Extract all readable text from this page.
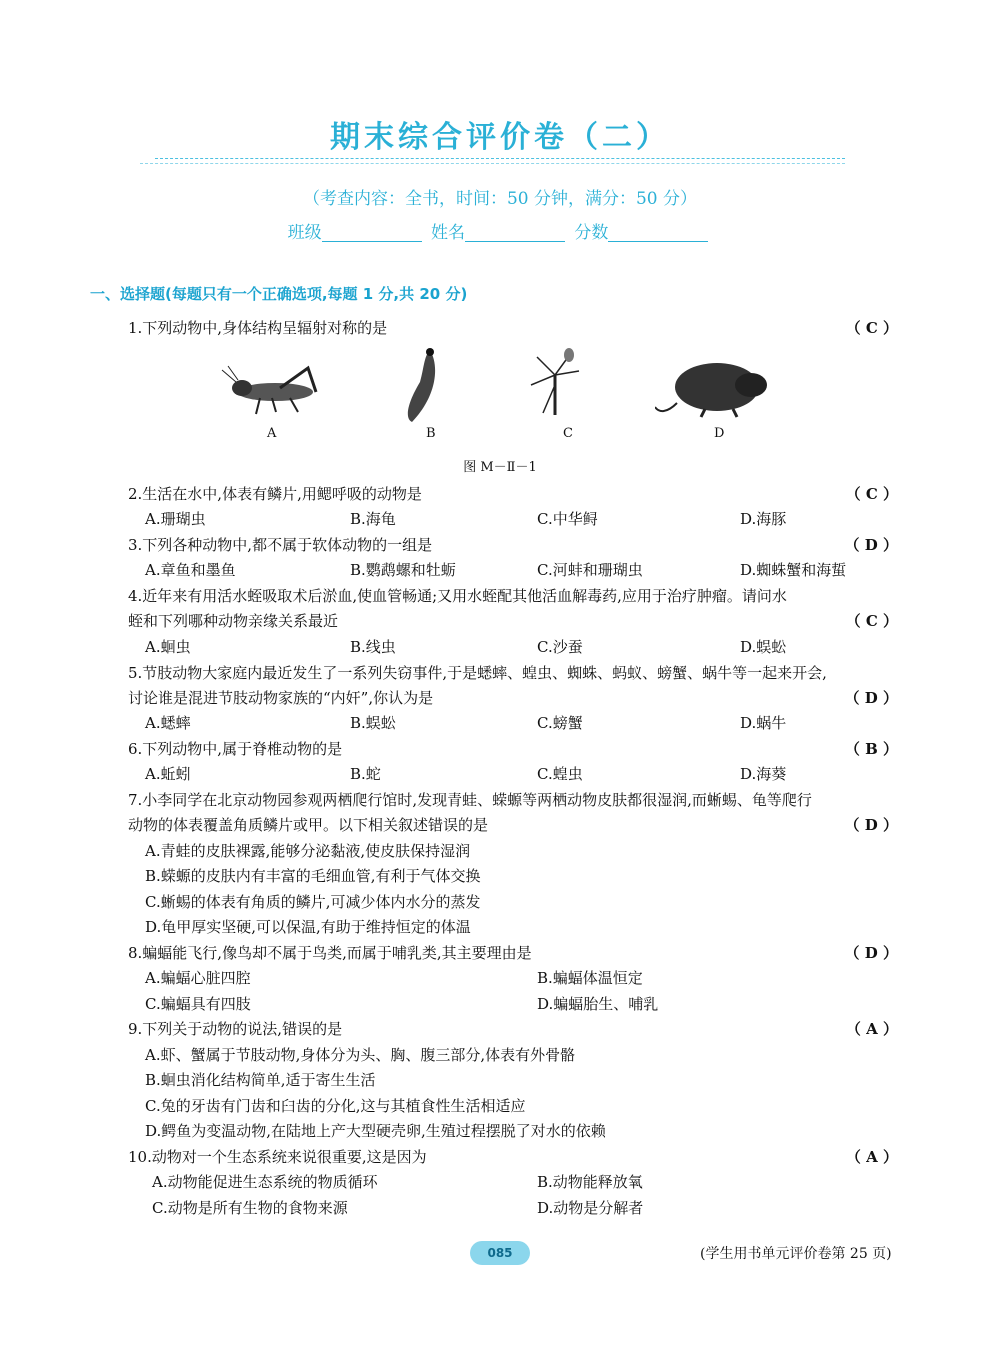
期末综合评价卷（二）
（考查内容：全书，时间：50 分钟，满分：50 分）
班级	姓名	分数
一、选择题(每题只有一个正确选项,每题 1 分,共 20 分)
1.下列动物中,身体结构呈辐射对称的是	（ C ）
A	B	C	D
图 M－Ⅱ－1
2.生活在水中,体表有鳞片,用鳃呼吸的动物是	（ C ）
A.珊瑚虫	B.海龟	C.中华鲟	D.海豚
3.下列各种动物中,都不属于软体动物的一组是	（ D ）
A.章鱼和墨鱼	B.鹦鹉螺和牡蛎	C.河蚌和珊瑚虫	D.蜘蛛蟹和海蜇
4.近年来有用活水蛭吸取术后淤血,使血管畅通;又用水蛭配其他活血解毒药,应用于治疗肿瘤。请问水
蛭和下列哪种动物亲缘关系最近	（ C ）
A.蛔虫	B.线虫	C.沙蚕	D.蜈蚣
5.节肢动物大家庭内最近发生了一系列失窃事件,于是蟋蟀、蝗虫、蜘蛛、蚂蚁、螃蟹、蜗牛等一起来开会,
讨论谁是混进节肢动物家族的“内奸”,你认为是	（ D ）
A.蟋蟀	B.蜈蚣	C.螃蟹	D.蜗牛
6.下列动物中,属于脊椎动物的是	（ B ）
A.蚯蚓	B.蛇	C.蝗虫	D.海葵
7.小李同学在北京动物园参观两栖爬行馆时,发现青蛙、蝾螈等两栖动物皮肤都很湿润,而蜥蜴、龟等爬行
动物的体表覆盖角质鳞片或甲。以下相关叙述错误的是	（ D ）
A.青蛙的皮肤裸露,能够分泌黏液,使皮肤保持湿润
B.蝾螈的皮肤内有丰富的毛细血管,有利于气体交换
C.蜥蜴的体表有角质的鳞片,可减少体内水分的蒸发
D.龟甲厚实坚硬,可以保温,有助于维持恒定的体温
8.蝙蝠能飞行,像鸟却不属于鸟类,而属于哺乳类,其主要理由是	（ D ）
A.蝙蝠心脏四腔	B.蝙蝠体温恒定
C.蝙蝠具有四肢	D.蝙蝠胎生、哺乳
9.下列关于动物的说法,错误的是	（ A ）
A.虾、蟹属于节肢动物,身体分为头、胸、腹三部分,体表有外骨骼
B.蛔虫消化结构简单,适于寄生生活
C.兔的牙齿有门齿和臼齿的分化,这与其植食性生活相适应
D.鳄鱼为变温动物,在陆地上产大型硬壳卵,生殖过程摆脱了对水的依赖
10.动物对一个生态系统来说很重要,这是因为	（ A ）
A.动物能促进生态系统的物质循环	B.动物能释放氧
C.动物是所有生物的食物来源	D.动物是分解者
085	(学生用书单元评价卷第 25 页)
